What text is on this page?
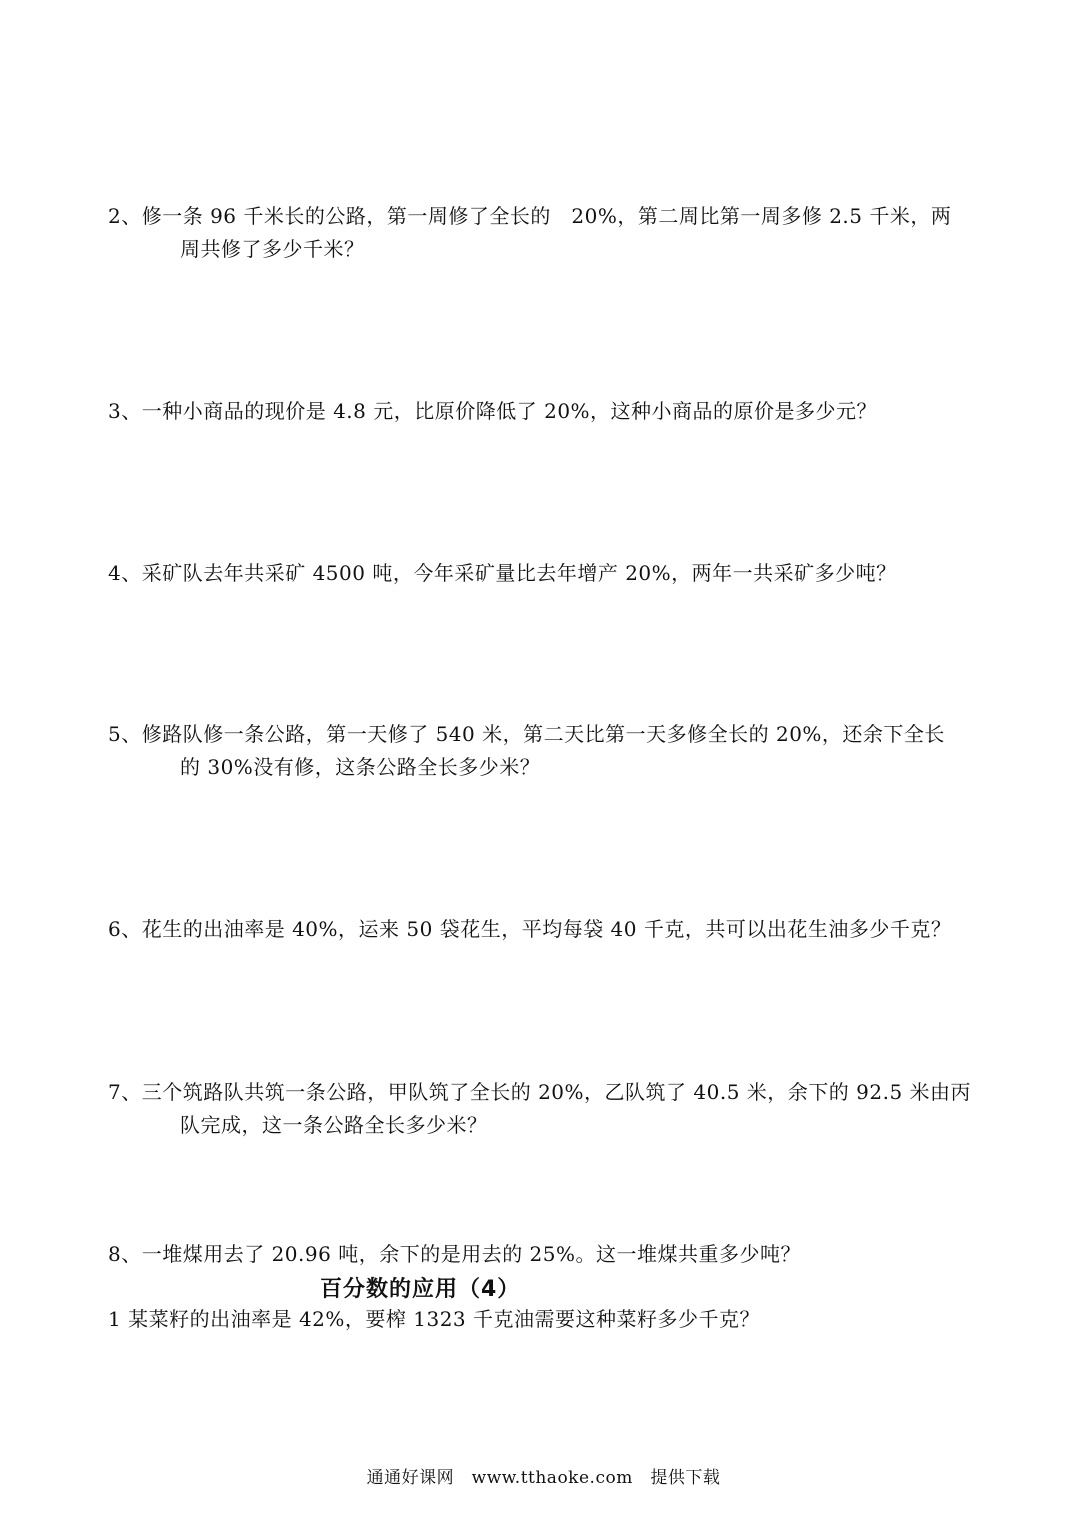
2、修一条 96 千米长的公路，第一周修了全长的　20%，第二周比第一周多修 2.5 千米，两
周共修了多少千米？
3、一种小商品的现价是 4.8 元，比原价降低了 20%，这种小商品的原价是多少元？
4、采矿队去年共采矿 4500 吨，今年采矿量比去年增产 20%，两年一共采矿多少吨？
5、修路队修一条公路，第一天修了 540 米，第二天比第一天多修全长的 20%，还余下全长
的 30%没有修，这条公路全长多少米？
6、花生的出油率是 40%，运来 50 袋花生，平均每袋 40 千克，共可以出花生油多少千克？
7、三个筑路队共筑一条公路，甲队筑了全长的 20%，乙队筑了 40.5 米，余下的 92.5 米由丙
队完成，这一条公路全长多少米？
8、一堆煤用去了 20.96 吨，余下的是用去的 25%。这一堆煤共重多少吨？
百分数的应用（4）
1 某菜籽的出油率是 42%，要榨 1323 千克油需要这种菜籽多少千克？
通通好课网　www.tthaoke.com　提供下载
